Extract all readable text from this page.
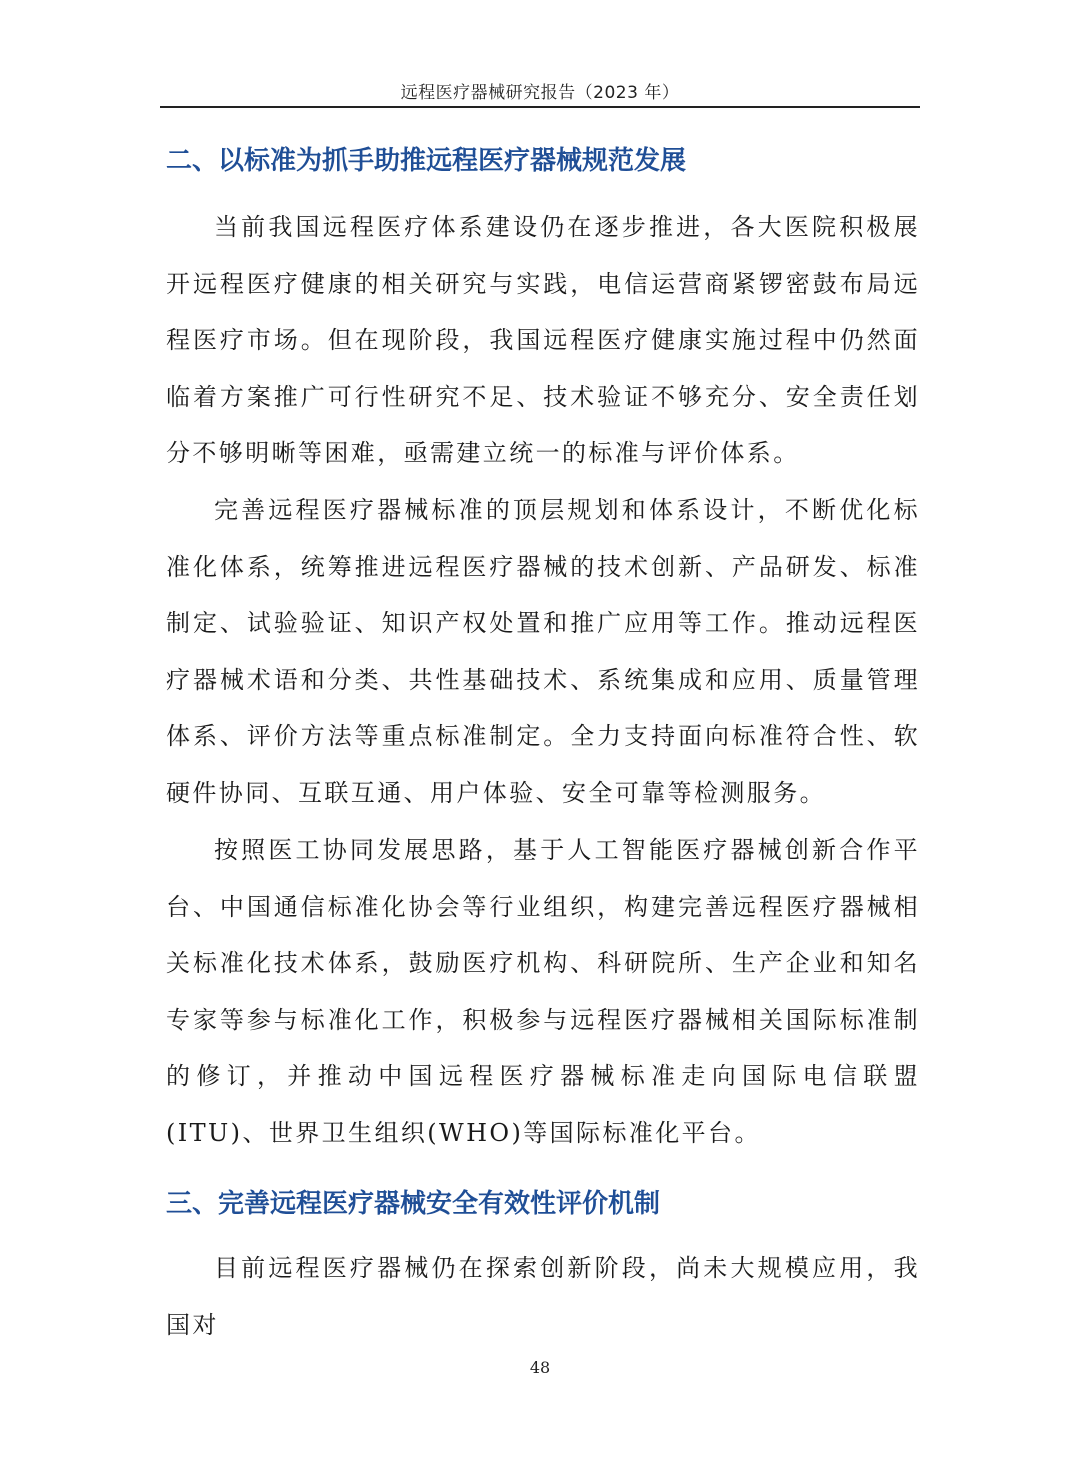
远程医疗器械研究报告（2023 年）
二、以标准为抓手助推远程医疗器械规范发展

当前我国远程医疗体系建设仍在逐步推进，各大医院积极展开远程医疗健康的相关研究与实践，电信运营商紧锣密鼓布局远程医疗市场。但在现阶段，我国远程医疗健康实施过程中仍然面临着方案推广可行性研究不足、技术验证不够充分、安全责任划分不够明晰等困难，亟需建立统一的标准与评价体系。

完善远程医疗器械标准的顶层规划和体系设计，不断优化标准化体系，统筹推进远程医疗器械的技术创新、产品研发、标准制定、试验验证、知识产权处置和推广应用等工作。推动远程医疗器械术语和分类、共性基础技术、系统集成和应用、质量管理体系、评价方法等重点标准制定。全力支持面向标准符合性、软硬件协同、互联互通、用户体验、安全可靠等检测服务。

按照医工协同发展思路，基于人工智能医疗器械创新合作平台、中国通信标准化协会等行业组织，构建完善远程医疗器械相关标准化技术体系，鼓励医疗机构、科研院所、生产企业和知名专家等参与标准化工作，积极参与远程医疗器械相关国际标准制的修订，并推动中国远程医疗器械标准走向国际电信联盟(ITU)、世界卫生组织(WHO)等国际标准化平台。

三、完善远程医疗器械安全有效性评价机制

目前远程医疗器械仍在探索创新阶段，尚未大规模应用，我国对

48
